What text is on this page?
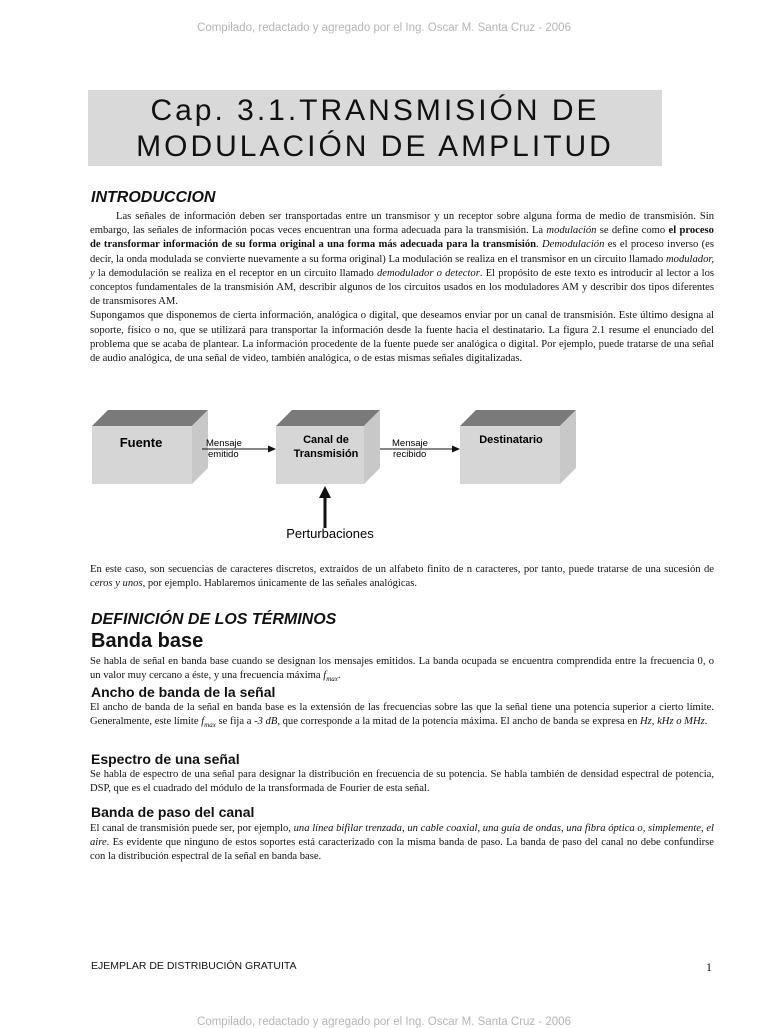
Compilado, redactado y agregado por el Ing. Oscar M. Santa Cruz - 2006
Cap. 3.1.TRANSMISIÓN DE
MODULACIÓN DE AMPLITUD
INTRODUCCION

Las señales de información deben ser transportadas entre un transmisor y un receptor sobre alguna forma de medio de transmisión. Sin embargo, las señales de información pocas veces encuentran una forma adecuada para la transmisión. La modulación se define como el proceso de transformar información de su forma original a una forma más adecuada para la transmisión. Demodulación es el proceso inverso (es decir, la onda modulada se convierte nuevamente a su forma original) La modulación se realiza en el transmisor en un circuito llamado modulador, y la demodulación se realiza en el receptor en un circuito llamado demodulador o detector. El propósito de este texto es introducir al lector a los conceptos fundamentales de la transmisión AM, describir algunos de los circuitos usados en los moduladores AM y describir dos tipos diferentes de transmisores AM.

Supongamos que disponemos de cierta información, analógica o digital, que deseamos enviar por un canal de transmisión. Este último designa al soporte, físico o no, que se utilizará para transportar la información desde la fuente hacia el destinatario. La figura 2.1 resume el enunciado del problema que se acaba de plantear. La información procedente de la fuente puede ser analógica o digital. Por ejemplo, puede tratarse de una señal de audio analógica, de una señal de video, también analógica, o de estas mismas señales digitalizadas.

Fuente	Canal de
Transmisión
Destinatario
Mensaje
emitido
Mensaje
recibido
Perturbaciones

En este caso, son secuencias de caracteres discretos, extraídos de un alfabeto finito de n caracteres, por tanto, puede tratarse de una sucesión de ceros y unos, por ejemplo. Hablaremos únicamente de las señales analógicas.

DEFINICIÓN DE LOS TÉRMINOS
Banda base

Se habla de señal en banda base cuando se designan los mensajes emitidos. La banda ocupada se encuentra comprendida entre la frecuencia 0, o un valor muy cercano a éste, y una frecuencia máxima $f_{max}$.

Ancho de banda de la señal

El ancho de banda de la señal en banda base es la extensión de las frecuencias sobre las que la señal tiene una potencia superior a cierto límite. Generalmente, este límite $f_{max}$ se fija a -3 dB, que corresponde a la mitad de la potencia máxima. El ancho de banda se expresa en Hz, kHz o MHz.

Espectro de una señal
Se habla de espectro de una señal para designar la distribución en frecuencia de su potencia. Se habla también de densidad espectral de potencia, DSP, que es el cuadrado del módulo de la transformada de Fourier de esta señal.
Banda de paso del canal

El canal de transmisión puede ser, por ejemplo, una línea bifilar trenzada, un cable coaxial, una guía de ondas, una fibra óptica o, simplemente, el aire. Es evidente que ninguno de estos soportes está caracterizado con la misma banda de paso. La banda de paso del canal no debe confundirse con la distribución espectral de la señal en banda base.

EJEMPLAR DE DISTRIBUCIÓN GRATUITA	1
Compilado, redactado y agregado por el Ing. Oscar M. Santa Cruz - 2006
